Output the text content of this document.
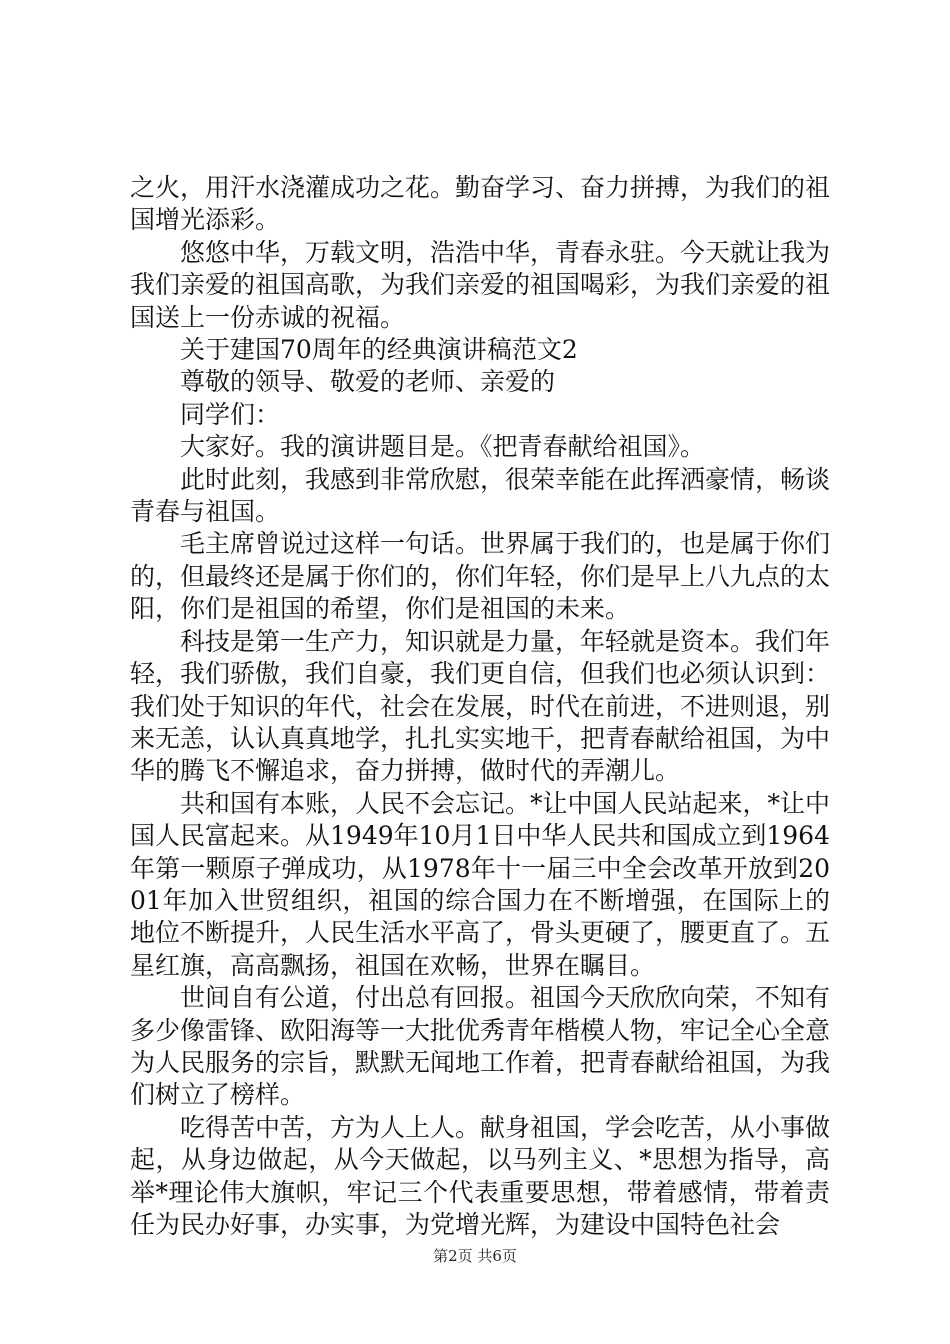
之火，用汗水浇灌成功之花。勤奋学习、奋力拼搏，为我们的祖国增光添彩。

悠悠中华，万载文明，浩浩中华，青春永驻。今天就让我为我们亲爱的祖国高歌，为我们亲爱的祖国喝彩，为我们亲爱的祖国送上一份赤诚的祝福。

关于建国70周年的经典演讲稿范文2

尊敬的领导、敬爱的老师、亲爱的

同学们：

大家好。我的演讲题目是。《把青春献给祖国》。

此时此刻，我感到非常欣慰，很荣幸能在此挥洒豪情，畅谈青春与祖国。

毛主席曾说过这样一句话。世界属于我们的，也是属于你们的，但最终还是属于你们的，你们年轻，你们是早上八九点的太阳，你们是祖国的希望，你们是祖国的未来。

科技是第一生产力，知识就是力量，年轻就是资本。我们年轻，我们骄傲，我们自豪，我们更自信，但我们也必须认识到：我们处于知识的年代，社会在发展，时代在前进，不进则退，别来无恙，认认真真地学，扎扎实实地干，把青春献给祖国，为中华的腾飞不懈追求，奋力拼搏，做时代的弄潮儿。

共和国有本账，人民不会忘记。*让中国人民站起来，*让中国人民富起来。从1949年10月1日中华人民共和国成立到1964年第一颗原子弹成功，从1978年十一届三中全会改革开放到2001年加入世贸组织，祖国的综合国力在不断增强，在国际上的地位不断提升，人民生活水平高了，骨头更硬了，腰更直了。五星红旗，高高飘扬，祖国在欢畅，世界在瞩目。

世间自有公道，付出总有回报。祖国今天欣欣向荣，不知有多少像雷锋、欧阳海等一大批优秀青年楷模人物，牢记全心全意为人民服务的宗旨，默默无闻地工作着，把青春献给祖国，为我们树立了榜样。

吃得苦中苦，方为人上人。献身祖国，学会吃苦，从小事做起，从身边做起，从今天做起，以马列主义、*思想为指导，高举*理论伟大旗帜，牢记三个代表重要思想，带着感情，带着责任为民办好事，办实事，为党增光辉，为建设中国特色社会

第2页 共6页
